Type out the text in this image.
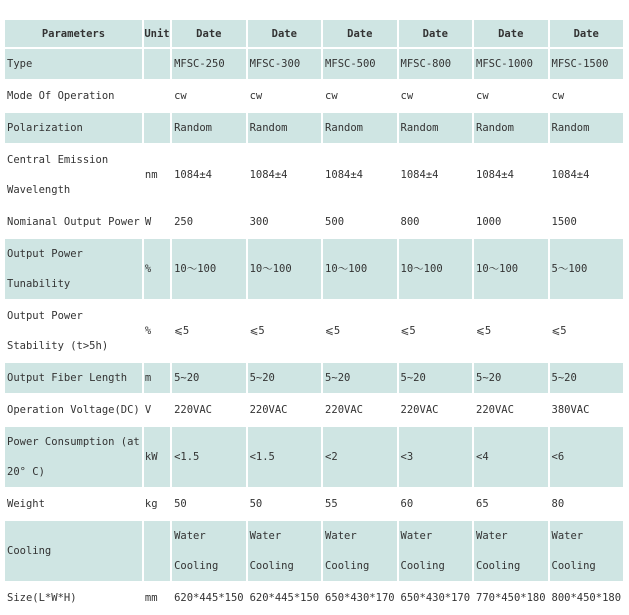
Parameters	Unit	Date	Date	Date	Date	Date	Date
Type		MFSC-250	MFSC-300	MFSC-500	MFSC-800	MFSC-1000	MFSC-1500
Mode Of Operation		cw	cw	cw	cw	cw	cw
Polarization		Random	Random	Random	Random	Random	Random
Central Emission Wavelength	nm	1084±4	1084±4	1084±4	1084±4	1084±4	1084±4
Nomianal Output Power	W	250	300	500	800	1000	1500
Output Power Tunability	%	10～100	10～100	10～100	10～100	10～100	5～100
Output Power Stability (t>5h)	%	⩽5	⩽5	⩽5	⩽5	⩽5	⩽5
Output Fiber Length	m	5~20	5~20	5~20	5~20	5~20	5~20
Operation Voltage(DC)	V	220VAC	220VAC	220VAC	220VAC	220VAC	380VAC
Power Consumption (at 20° C)	kW	<1.5	<1.5	<2	<3	<4	<6
Weight	kg	50	50	55	60	65	80
Cooling		Water Cooling	Water Cooling	Water Cooling	Water Cooling	Water Cooling	Water Cooling
Size(L*W*H)	mm	620*445*150	620*445*150	650*430*170	650*430*170	770*450*180	800*450*180
